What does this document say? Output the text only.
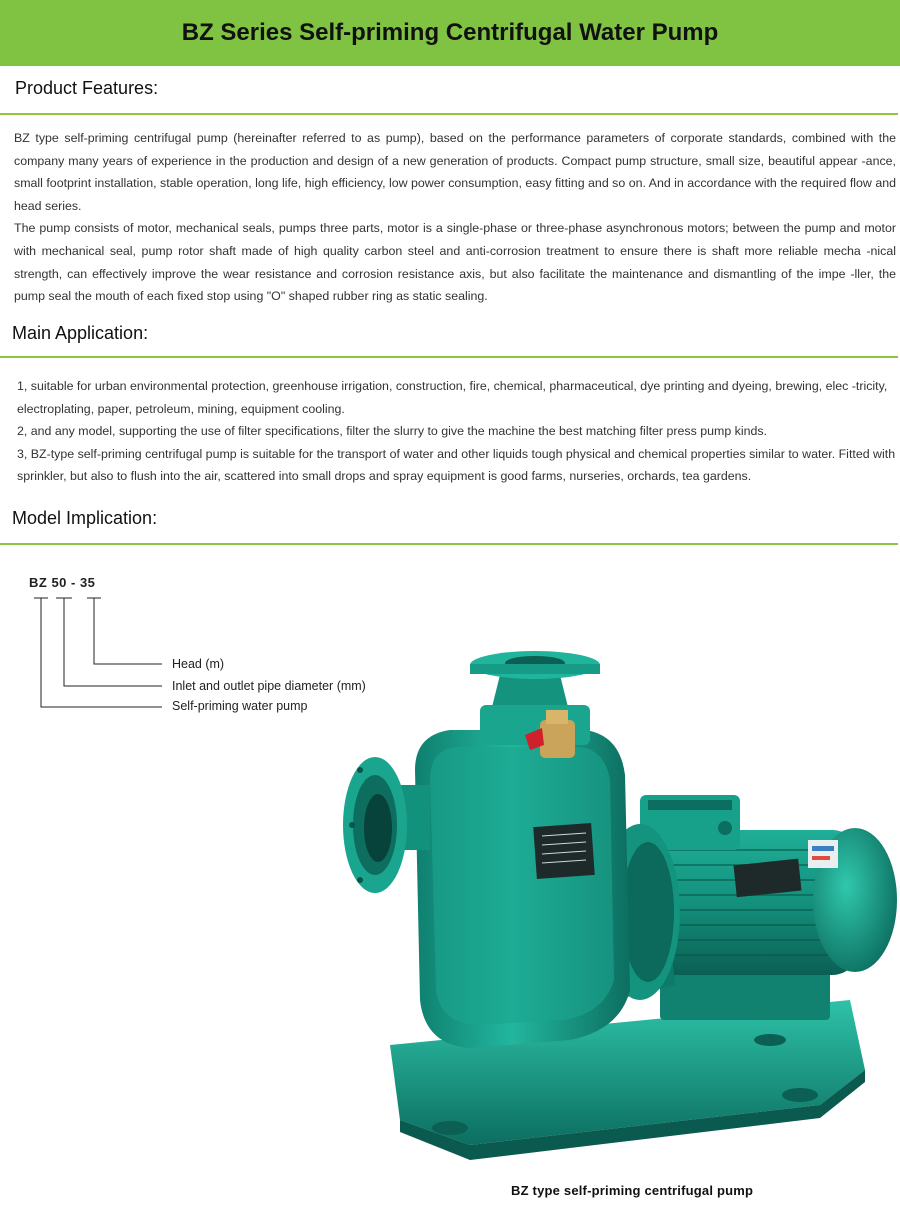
BZ Series Self-priming Centrifugal Water Pump
Product Features:

BZ type self-priming centrifugal pump (hereinafter referred to as pump), based on the performance parameters of corporate standards, combined with the company many years of experience in the production and design of a new generation of products. Compact pump structure, small size, beautiful appear -ance, small footprint installation, stable operation, long life, high efficiency, low power consumption, easy fitting and so on. And in accordance with the required flow and head series.

The pump consists of motor, mechanical seals, pumps three parts, motor is a single-phase or three-phase asynchronous motors; between the pump and motor with mechanical seal, pump rotor shaft made of high quality carbon steel and anti-corrosion treatment to ensure there is shaft more reliable mecha -nical strength, can effectively improve the wear resistance and corrosion resistance axis, but also facilitate the maintenance and dismantling of the impe -ller, the pump seal the mouth of each fixed stop using "O" shaped rubber ring as static sealing.

Main Application:

1, suitable for urban environmental protection, greenhouse irrigation, construction, fire, chemical, pharmaceutical, dye printing and dyeing, brewing, elec -tricity, electroplating, paper, petroleum, mining, equipment cooling.

2, and any model, supporting the use of filter specifications, filter the slurry to give the machine the best matching filter press pump kinds.

3, BZ-type self-priming centrifugal pump is suitable for the transport of water and other liquids tough physical and chemical properties similar to water. Fitted with sprinkler, but also to flush into the air, scattered into small drops and spray equipment is good farms, nurseries, orchards, tea gardens.

Model Implication:
BZ 50 - 35
Head (m)
Inlet and outlet pipe diameter (mm)
Self-priming water pump
BZ type self-priming centrifugal pump
